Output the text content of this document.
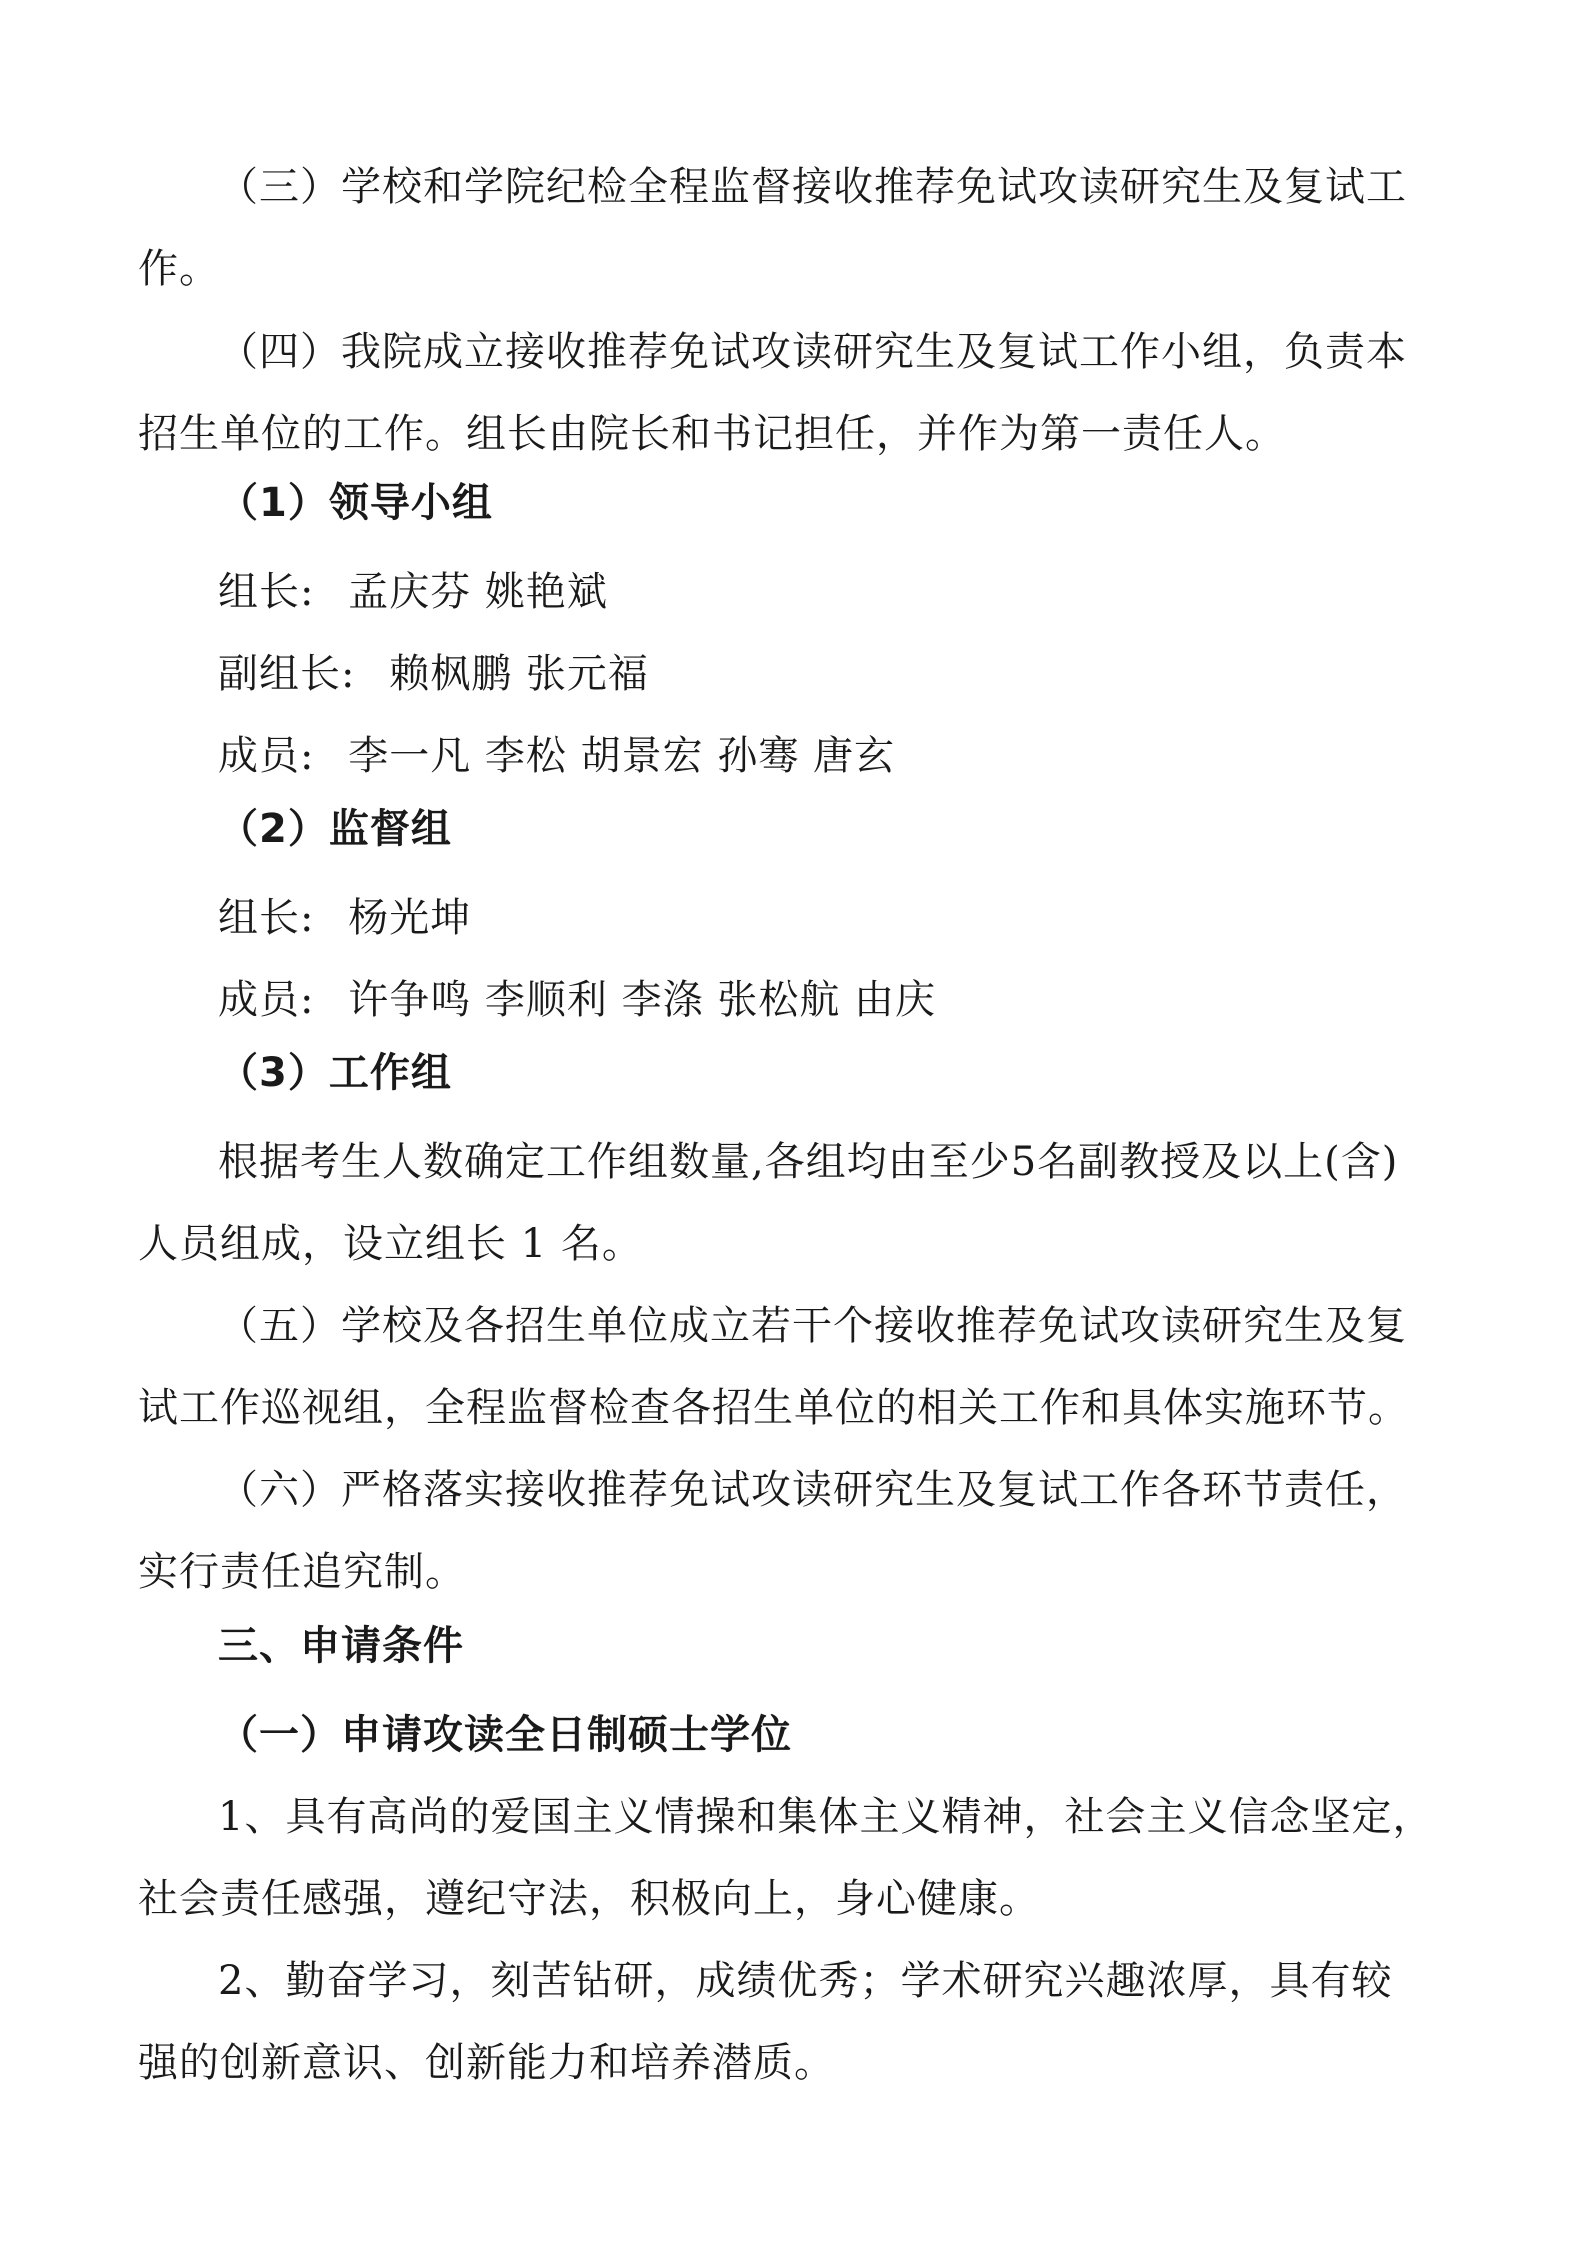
（三）学校和学院纪检全程监督接收推荐免试攻读研究生及复试工

作。

（四）我院成立接收推荐免试攻读研究生及复试工作小组，负责本

招生单位的工作。组长由院长和书记担任，并作为第一责任人。

（1）领导小组

组长: 孟庆芬 姚艳斌

副组长: 赖枫鹏 张元福

成员: 李一凡 李松 胡景宏 孙骞 唐玄

（2）监督组

组长: 杨光坤

成员: 许争鸣 李顺利 李涤 张松航 由庆

（3）工作组

根据考生人数确定工作组数量,各组均由至少5名副教授及以上(含)

人员组成，设立组长 1 名。

（五）学校及各招生单位成立若干个接收推荐免试攻读研究生及复

试工作巡视组，全程监督检查各招生单位的相关工作和具体实施环节。

（六）严格落实接收推荐免试攻读研究生及复试工作各环节责任，

实行责任追究制。

三、申请条件

（一）申请攻读全日制硕士学位

1、具有高尚的爱国主义情操和集体主义精神，社会主义信念坚定，

社会责任感强，遵纪守法，积极向上，身心健康。

2、勤奋学习，刻苦钻研，成绩优秀；学术研究兴趣浓厚，具有较

强的创新意识、创新能力和培养潜质。
